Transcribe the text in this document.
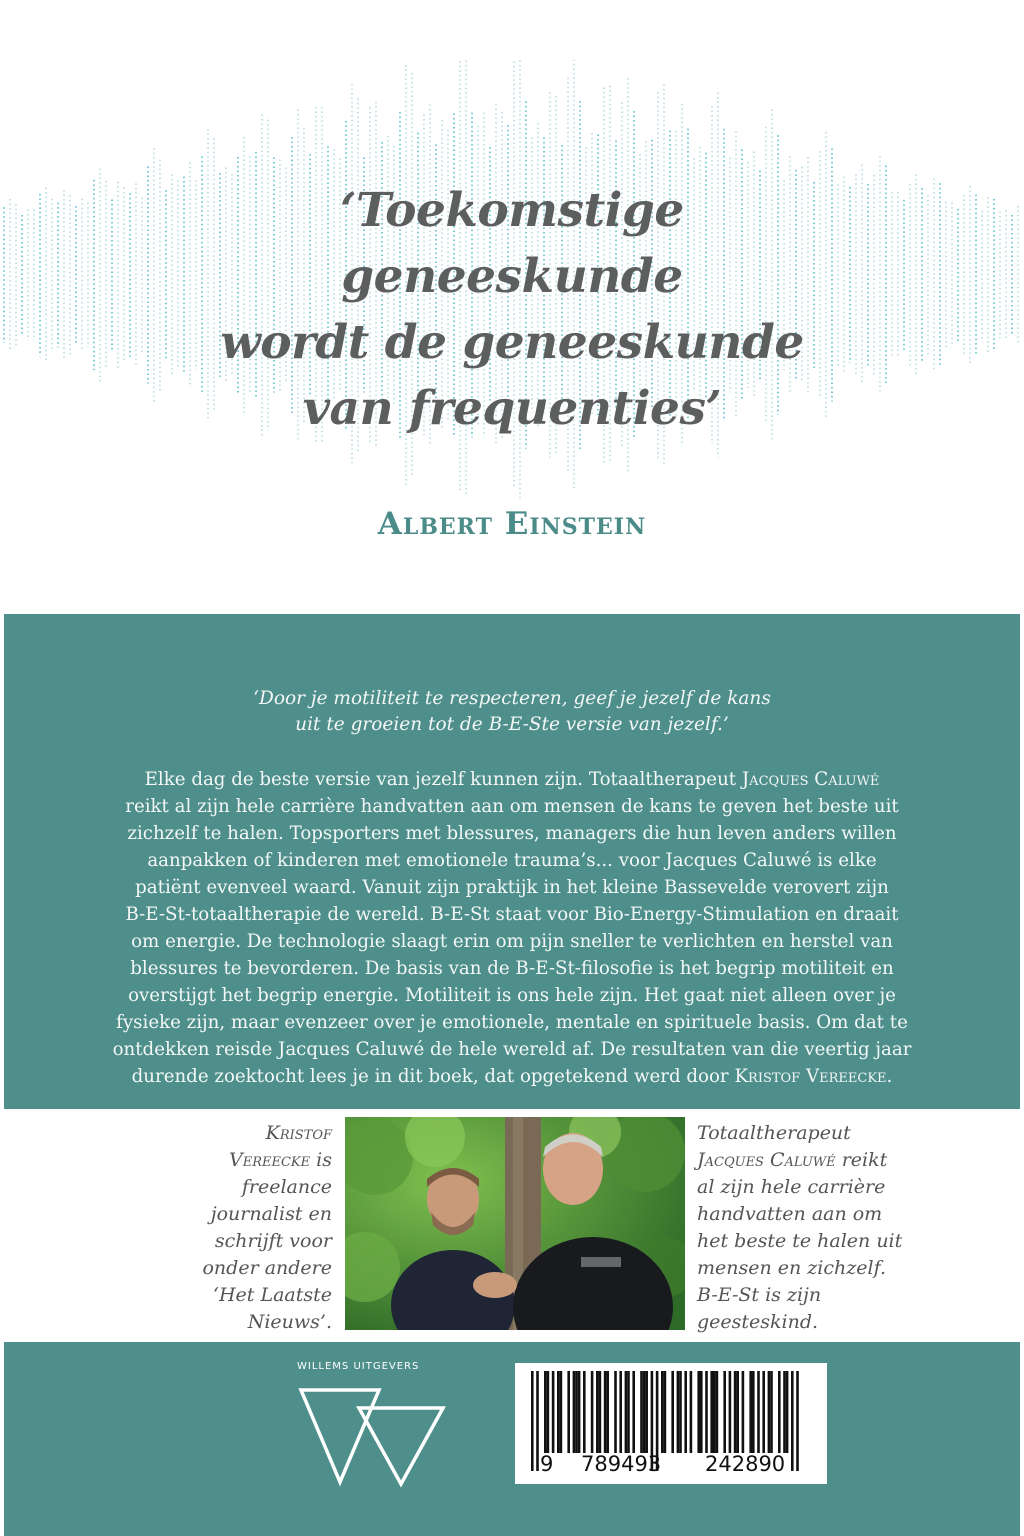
‘Toekomstige
geneeskunde
wordt de geneeskunde
van frequenties’
Albert Einstein
‘Door je motiliteit te respecteren, geef je jezelf de kans
uit te groeien tot de B-E-Ste versie van jezelf.’
Elke dag de beste versie van jezelf kunnen zijn. Totaaltherapeut Jacques Caluwé
reikt al zijn hele carrière handvatten aan om mensen de kans te geven het beste uit
zichzelf te halen. Topsporters met blessures, managers die hun leven anders willen
aanpakken of kinderen met emotionele trauma’s... voor Jacques Caluwé is elke
patiënt evenveel waard. Vanuit zijn praktijk in het kleine Bassevelde verovert zijn
B-E-St-totaaltherapie de wereld. B-E-St staat voor Bio-Energy-Stimulation en draait
om energie. De technologie slaagt erin om pijn sneller te verlichten en herstel van
blessures te bevorderen. De basis van de B-E-St-filosofie is het begrip motiliteit en
overstijgt het begrip energie. Motiliteit is ons hele zijn. Het gaat niet alleen over je
fysieke zijn, maar evenzeer over je emotionele, mentale en spirituele basis. Om dat te
ontdekken reisde Jacques Caluwé de hele wereld af. De resultaten van die veertig jaar
durende zoektocht lees je in dit boek, dat opgetekend werd door Kristof Vereecke.
Kristof
Vereecke is
freelance
journalist en
schrijft voor
onder andere
‘Het Laatste
Nieuws’.
Totaaltherapeut
Jacques Caluwé reikt
al zijn hele carrière
handvatten aan om
het beste te halen uit
mensen en zichzelf.
B-E-St is zijn
geesteskind.
WILLEMS UITGEVERS
9 789493 242890
